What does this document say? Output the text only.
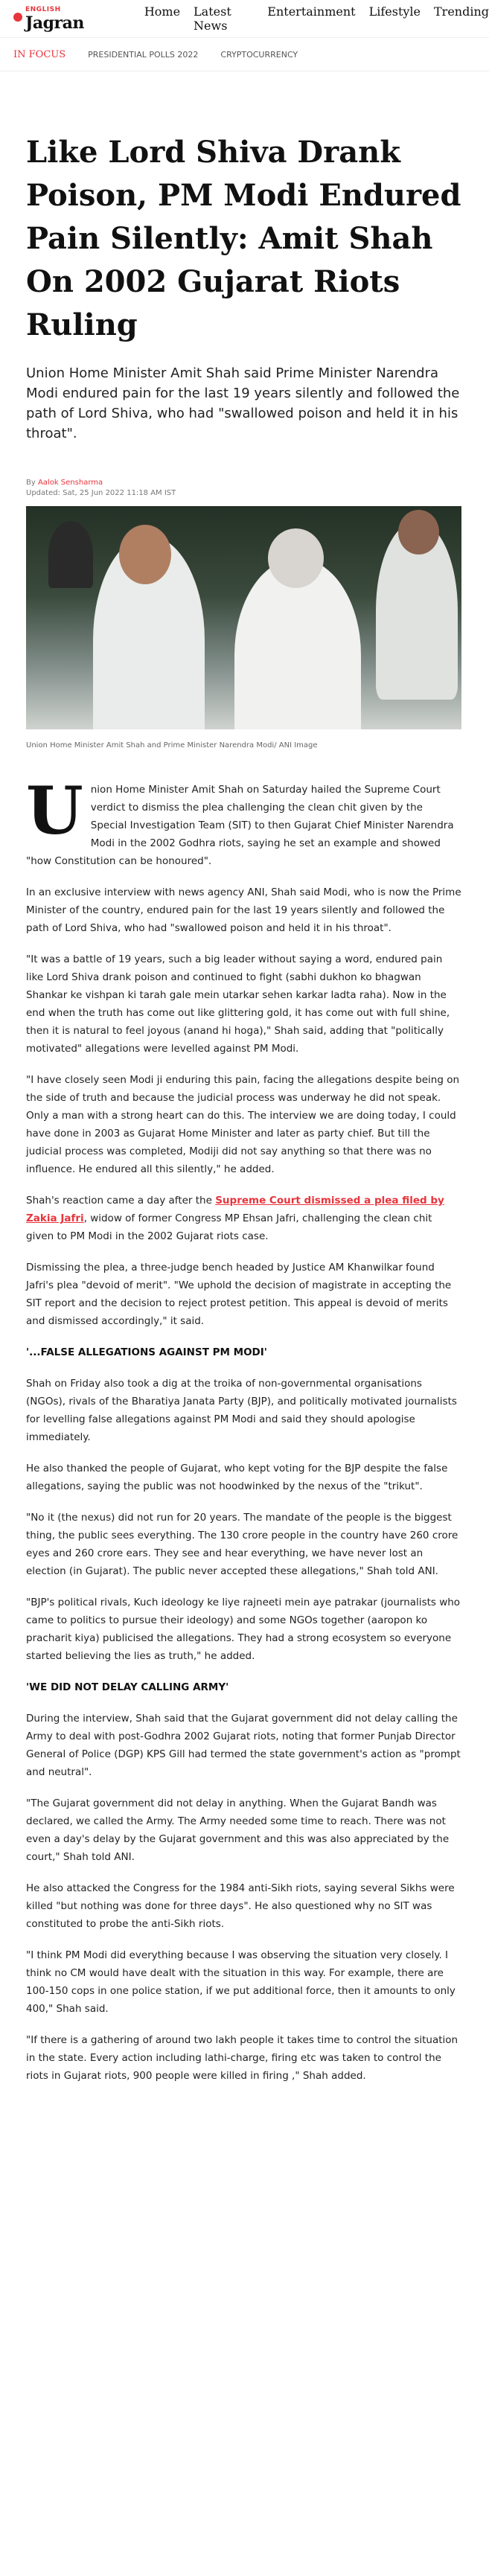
ENGLISH
Jagran
Home Latest News
Entertainment Lifestyle Trending
IN FOCUS	PRESIDENTIAL POLLS 2022	CRYPTOCURRENCY
Like Lord Shiva Drank Poison, PM Modi Endured Pain Silently: Amit Shah On 2002 Gujarat Riots Ruling

Union Home Minister Amit Shah said Prime Minister Narendra Modi endured pain for the last 19 years silently and followed the path of Lord Shiva, who had "swallowed poison and held it in his throat".

By Aalok Sensharma
Updated: Sat, 25 Jun 2022 11:18 AM IST
Union Home Minister Amit Shah and Prime Minister Narendra Modi/ ANI Image

Union Home Minister Amit Shah on Saturday hailed the Supreme Court verdict to dismiss the plea challenging the clean chit given by the Special Investigation Team (SIT) to then Gujarat Chief Minister Narendra Modi in the 2002 Godhra riots, saying he set an example and showed "how Constitution can be honoured".

In an exclusive interview with news agency ANI, Shah said Modi, who is now the Prime Minister of the country, endured pain for the last 19 years silently and followed the path of Lord Shiva, who had "swallowed poison and held it in his throat".

"It was a battle of 19 years, such a big leader without saying a word, endured pain like Lord Shiva drank poison and continued to fight (sabhi dukhon ko bhagwan Shankar ke vishpan ki tarah gale mein utarkar sehen karkar ladta raha). Now in the end when the truth has come out like glittering gold, it has come out with full shine, then it is natural to feel joyous (anand hi hoga)," Shah said, adding that "politically motivated" allegations were levelled against PM Modi.

"I have closely seen Modi ji enduring this pain, facing the allegations despite being on the side of truth and because the judicial process was underway he did not speak. Only a man with a strong heart can do this. The interview we are doing today, I could have done in 2003 as Gujarat Home Minister and later as party chief. But till the judicial process was completed, Modiji did not say anything so that there was no influence. He endured all this silently," he added.

Shah's reaction came a day after the Supreme Court dismissed a plea filed by Zakia Jafri, widow of former Congress MP Ehsan Jafri, challenging the clean chit given to PM Modi in the 2002 Gujarat riots case.

Dismissing the plea, a three-judge bench headed by Justice AM Khanwilkar found Jafri's plea "devoid of merit". "We uphold the decision of magistrate in accepting the SIT report and the decision to reject protest petition. This appeal is devoid of merits and dismissed accordingly," it said.

'...FALSE ALLEGATIONS AGAINST PM MODI'

Shah on Friday also took a dig at the troika of non-governmental organisations (NGOs), rivals of the Bharatiya Janata Party (BJP), and politically motivated journalists for levelling false allegations against PM Modi and said they should apologise immediately.

He also thanked the people of Gujarat, who kept voting for the BJP despite the false allegations, saying the public was not hoodwinked by the nexus of the "trikut".

"No it (the nexus) did not run for 20 years. The mandate of the people is the biggest thing, the public sees everything. The 130 crore people in the country have 260 crore eyes and 260 crore ears. They see and hear everything, we have never lost an election (in Gujarat). The public never accepted these allegations," Shah told ANI.

"BJP's political rivals, Kuch ideology ke liye rajneeti mein aye patrakar (journalists who came to politics to pursue their ideology) and some NGOs together (aaropon ko pracharit kiya) publicised the allegations. They had a strong ecosystem so everyone started believing the lies as truth," he added.

'WE DID NOT DELAY CALLING ARMY'

During the interview, Shah said that the Gujarat government did not delay calling the Army to deal with post-Godhra 2002 Gujarat riots, noting that former Punjab Director General of Police (DGP) KPS Gill had termed the state government's action as "prompt and neutral".

"The Gujarat government did not delay in anything. When the Gujarat Bandh was declared, we called the Army. The Army needed some time to reach. There was not even a day's delay by the Gujarat government and this was also appreciated by the court," Shah told ANI.

He also attacked the Congress for the 1984 anti-Sikh riots, saying several Sikhs were killed "but nothing was done for three days". He also questioned why no SIT was constituted to probe the anti-Sikh riots.

"I think PM Modi did everything because I was observing the situation very closely. I think no CM would have dealt with the situation in this way. For example, there are 100-150 cops in one police station, if we put additional force, then it amounts to only 400," Shah said.

"If there is a gathering of around two lakh people it takes time to control the situation in the state. Every action including lathi-charge, firing etc was taken to control the riots in Gujarat riots, 900 people were killed in firing ," Shah added.
